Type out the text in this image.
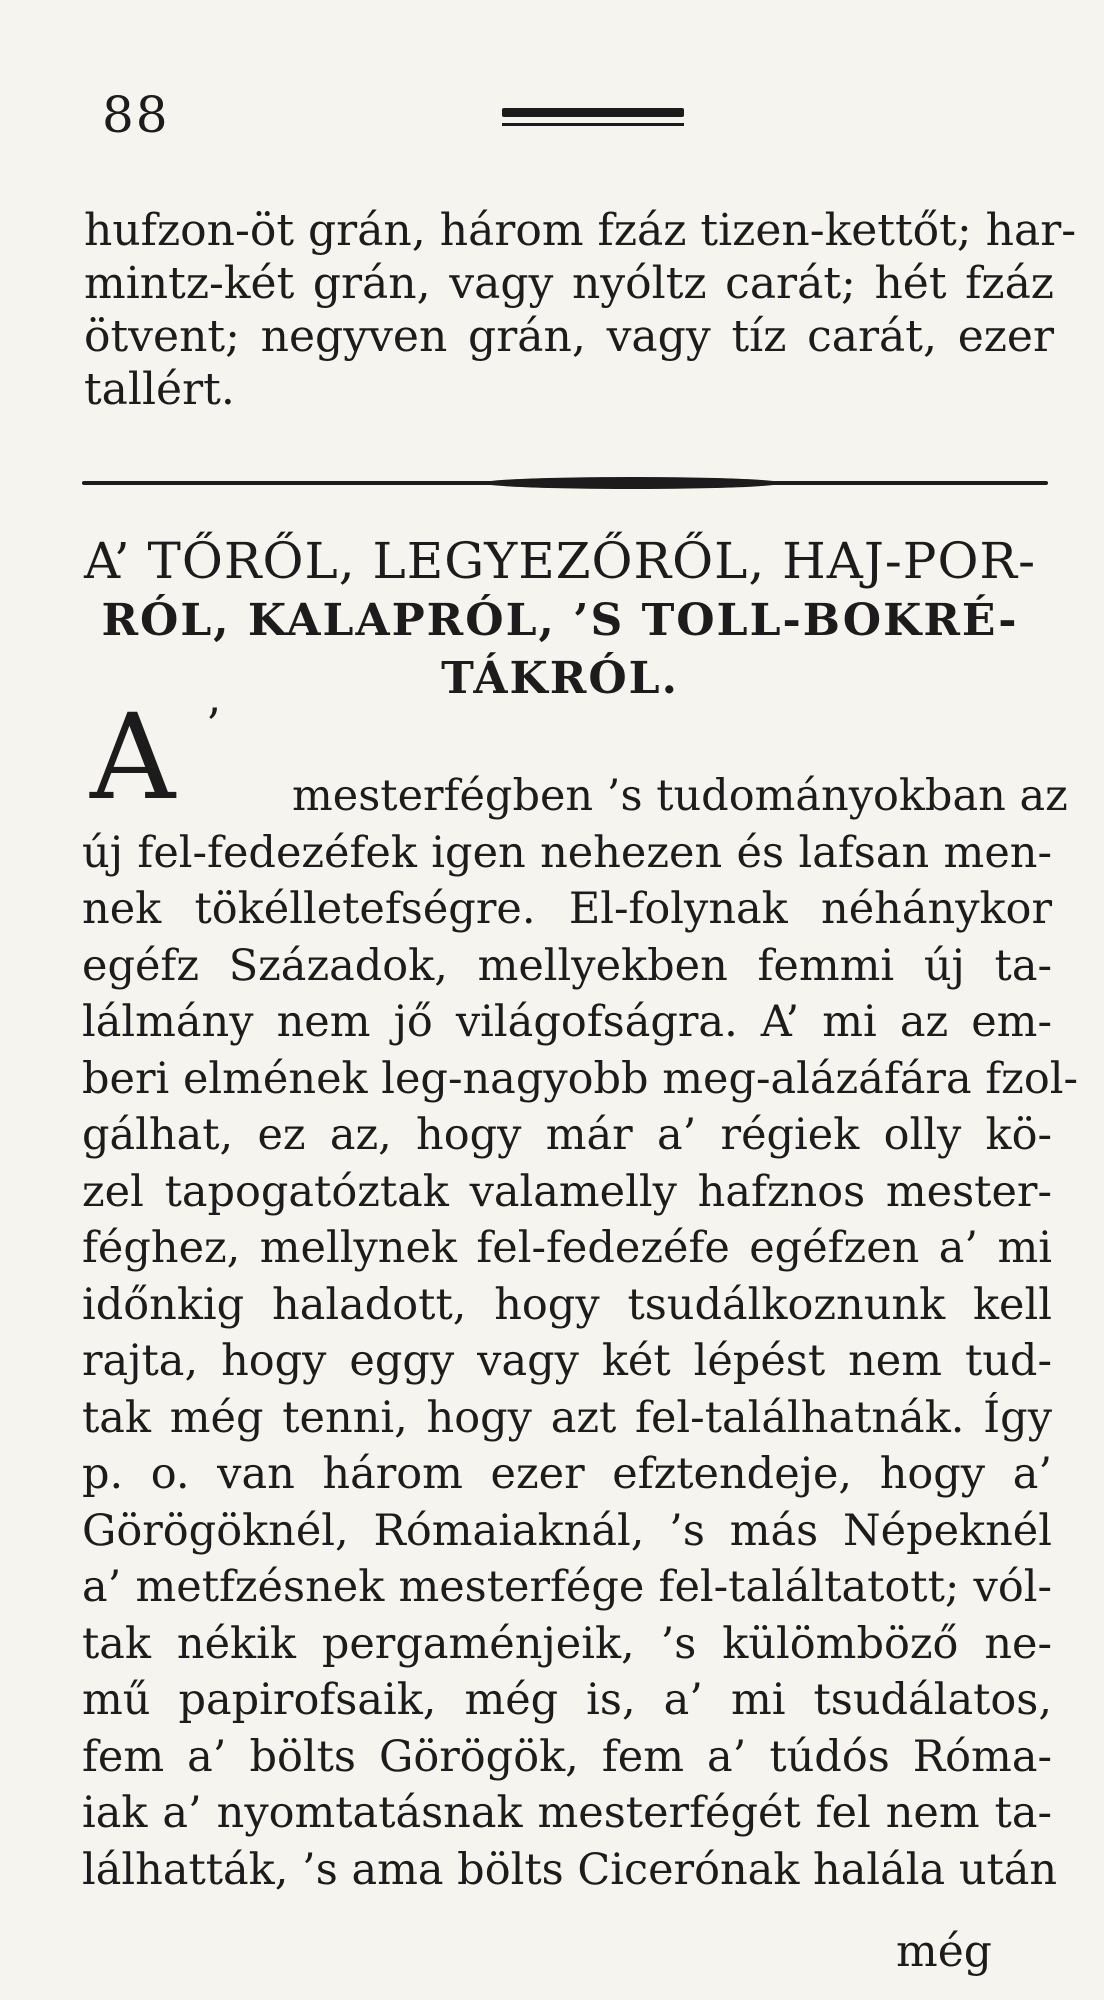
88
hufzon-öt grán, három fzáz tizen-kettőt; har-
mintz-két grán, vagy nyóltz carát; hét fzáz
ötvent; negyven grán, vagy tíz carát, ezer
tallért.
A’ TŐRŐL, LEGYEZŐRŐL, HAJ-POR-
RÓL, KALAPRÓL, ’S TOLL-BOKRÉ-
TÁKRÓL.
A ’
mesterfégben ’s tudományokban az
új fel-fedezéfek igen nehezen és lafsan men-
nek tökélletefségre. El-folynak néhánykor
egéfz Századok, mellyekben femmi új ta-
lálmány nem jő világofságra. A’ mi az em-
beri elmének leg-nagyobb meg-alázáfára fzol-
gálhat, ez az, hogy már a’ régiek olly kö-
zel tapogatóztak valamelly hafznos mester-
féghez, mellynek fel-fedezéfe egéfzen a’ mi
időnkig haladott, hogy tsudálkoznunk kell
rajta, hogy eggy vagy két lépést nem tud-
tak még tenni, hogy azt fel-találhatnák. Így
p. o. van három ezer efztendeje, hogy a’
Görögöknél, Rómaiaknál, ’s más Népeknél
a’ metfzésnek mesterfége fel-találtatott; vól-
tak nékik pergaménjeik, ’s külömböző ne-
mű papirofsaik, még is, a’ mi tsudálatos,
fem a’ bölts Görögök, fem a’ túdós Róma-
iak a’ nyomtatásnak mesterfégét fel nem ta-
lálhatták, ’s ama bölts Cicerónak halála után
még
